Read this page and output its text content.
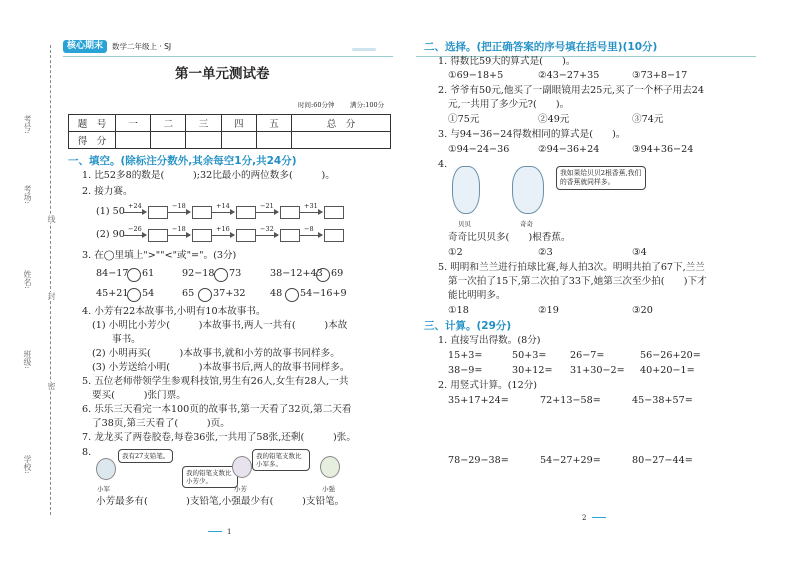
考号:
考场:
线
姓名:
封
班级:
密
学校:
核心期末	数学二年级上 · SJ
第一单元测试卷
时间:60分钟 满分:100分
题　号	一	二	三	四	五	总　分
得　分						
一、填空。(除标注分数外,其余每空1分,共24分)
1. 比52多8的数是(　　　);32比最小的两位数多(　　　)。
2. 接力赛。
(1) 50 +24	−18	+14	−21	+31
(2) 90 −26	−18	+16	−32	−8
3. 在◯里填上">""<"或"="。(3分)
84−17 61	92−18 73	38−12+43 69
45+21 54	65 37+32	48 54−16+9
4. 小芳有22本故事书,小明有10本故事书。
(1) 小明比小芳少(　　　)本故事书,两人一共有(　　　)本故
事书。
(2) 小明再买(　　　)本故事书,就和小芳的故事书同样多。
(3) 小芳送给小明(　　　)本故事书后,两人的故事书同样多。
5. 五位老师带领学生参观科技馆,男生有26人,女生有28人,一共
要买(　　　)张门票。
6. 乐乐三天看完一本100页的故事书,第一天看了32页,第二天看
了38页,第三天看了(　　　)页。
7. 龙龙买了两卷胶卷,每卷36张,一共用了58张,还剩(　　　)张。
8.	我有27支铅笔。
我的铅笔支数比小芳少。
我的铅笔支数比小军多。
小军	小芳	小强
小芳最多有(　　　　)支铅笔,小强最少有(　　　)支铅笔。
1
二、选择。(把正确答案的序号填在括号里)(10分)
1. 得数比59大的算式是(　　)。
①69−18+5	②43−27+35	③73+8−17
2. 爷爷有50元,他买了一副眼镜用去25元,买了一个杯子用去24
元,一共用了多少元?(　　)。
①75元	②49元	③74元
3. 与94−36−24得数相同的算式是(　　)。
①94−24−36	②94−36+24	③94+36−24
4.
贝贝	奇奇
我如果给贝贝2根香蕉,我们的香蕉就同样多。
奇奇比贝贝多(　　)根香蕉。
①2	②3	③4
5. 明明和兰兰进行拍球比赛,每人拍3次。明明共拍了67下,兰兰
第一次拍了15下,第二次拍了33下,她第三次至少拍(　　)下才
能比明明多。
①18	②19	③20
三、计算。(29分)
1. 直接写出得数。(8分)
15+3=	50+3= 26−7=	56−26+20=
38−9=	30+12= 31+30−2= 40+20−1=
2. 用竖式计算。(12分)
35+17+24=	72+13−58=	45−38+57=
78−29−38=	54−27+29=	80−27−44=
2
